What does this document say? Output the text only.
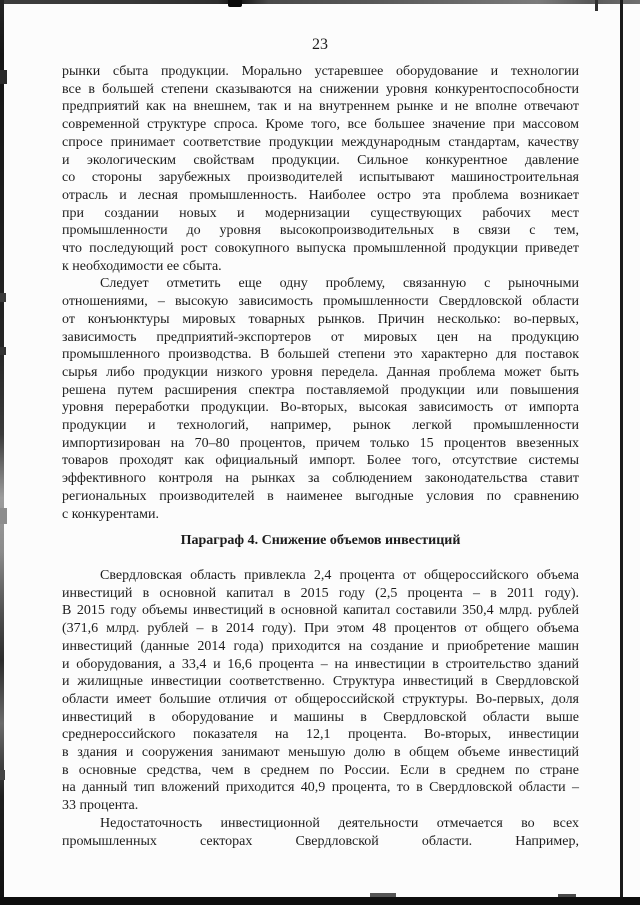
23
рынки сбыта продукции. Морально устаревшее оборудование и технологии
все в большей степени сказываются на снижении уровня конкурентоспособности
предприятий как на внешнем, так и на внутреннем рынке и не вполне отвечают
современной структуре спроса. Кроме того, все большее значение при массовом
спросе принимает соответствие продукции международным стандартам, качеству
и экологическим свойствам продукции. Сильное конкурентное давление
со стороны зарубежных производителей испытывают машиностроительная
отрасль и лесная промышленность. Наиболее остро эта проблема возникает
при создании новых и модернизации существующих рабочих мест
промышленности до уровня высокопроизводительных в связи с тем,
что последующий рост совокупного выпуска промышленной продукции приведет
к необходимости ее сбыта.
Следует отметить еще одну проблему, связанную с рыночными
отношениями, – высокую зависимость промышленности Свердловской области
от конъюнктуры мировых товарных рынков. Причин несколько: во-первых,
зависимость предприятий-экспортеров от мировых цен на продукцию
промышленного производства. В большей степени это характерно для поставок
сырья либо продукции низкого уровня передела. Данная проблема может быть
решена путем расширения спектра поставляемой продукции или повышения
уровня переработки продукции. Во-вторых, высокая зависимость от импорта
продукции и технологий, например, рынок легкой промышленности
импортизирован на 70–80 процентов, причем только 15 процентов ввезенных
товаров проходят как официальный импорт. Более того, отсутствие системы
эффективного контроля на рынках за соблюдением законодательства ставит
региональных производителей в наименее выгодные условия по сравнению
с конкурентами.
Параграф 4. Снижение объемов инвестиций
Свердловская область привлекла 2,4 процента от общероссийского объема
инвестиций в основной капитал в 2015 году (2,5 процента – в 2011 году).
В 2015 году объемы инвестиций в основной капитал составили 350,4 млрд. рублей
(371,6 млрд. рублей – в 2014 году). При этом 48 процентов от общего объема
инвестиций (данные 2014 года) приходится на создание и приобретение машин
и оборудования, а 33,4 и 16,6 процента – на инвестиции в строительство зданий
и жилищные инвестиции соответственно. Структура инвестиций в Свердловской
области имеет большие отличия от общероссийской структуры. Во-первых, доля
инвестиций в оборудование и машины в Свердловской области выше
среднероссийского показателя на 12,1 процента. Во-вторых, инвестиции
в здания и сооружения занимают меньшую долю в общем объеме инвестиций
в основные средства, чем в среднем по России. Если в среднем по стране
на данный тип вложений приходится 40,9 процента, то в Свердловской области –
33 процента.
Недостаточность инвестиционной деятельности отмечается во всех
промышленных секторах Свердловской области. Например,
